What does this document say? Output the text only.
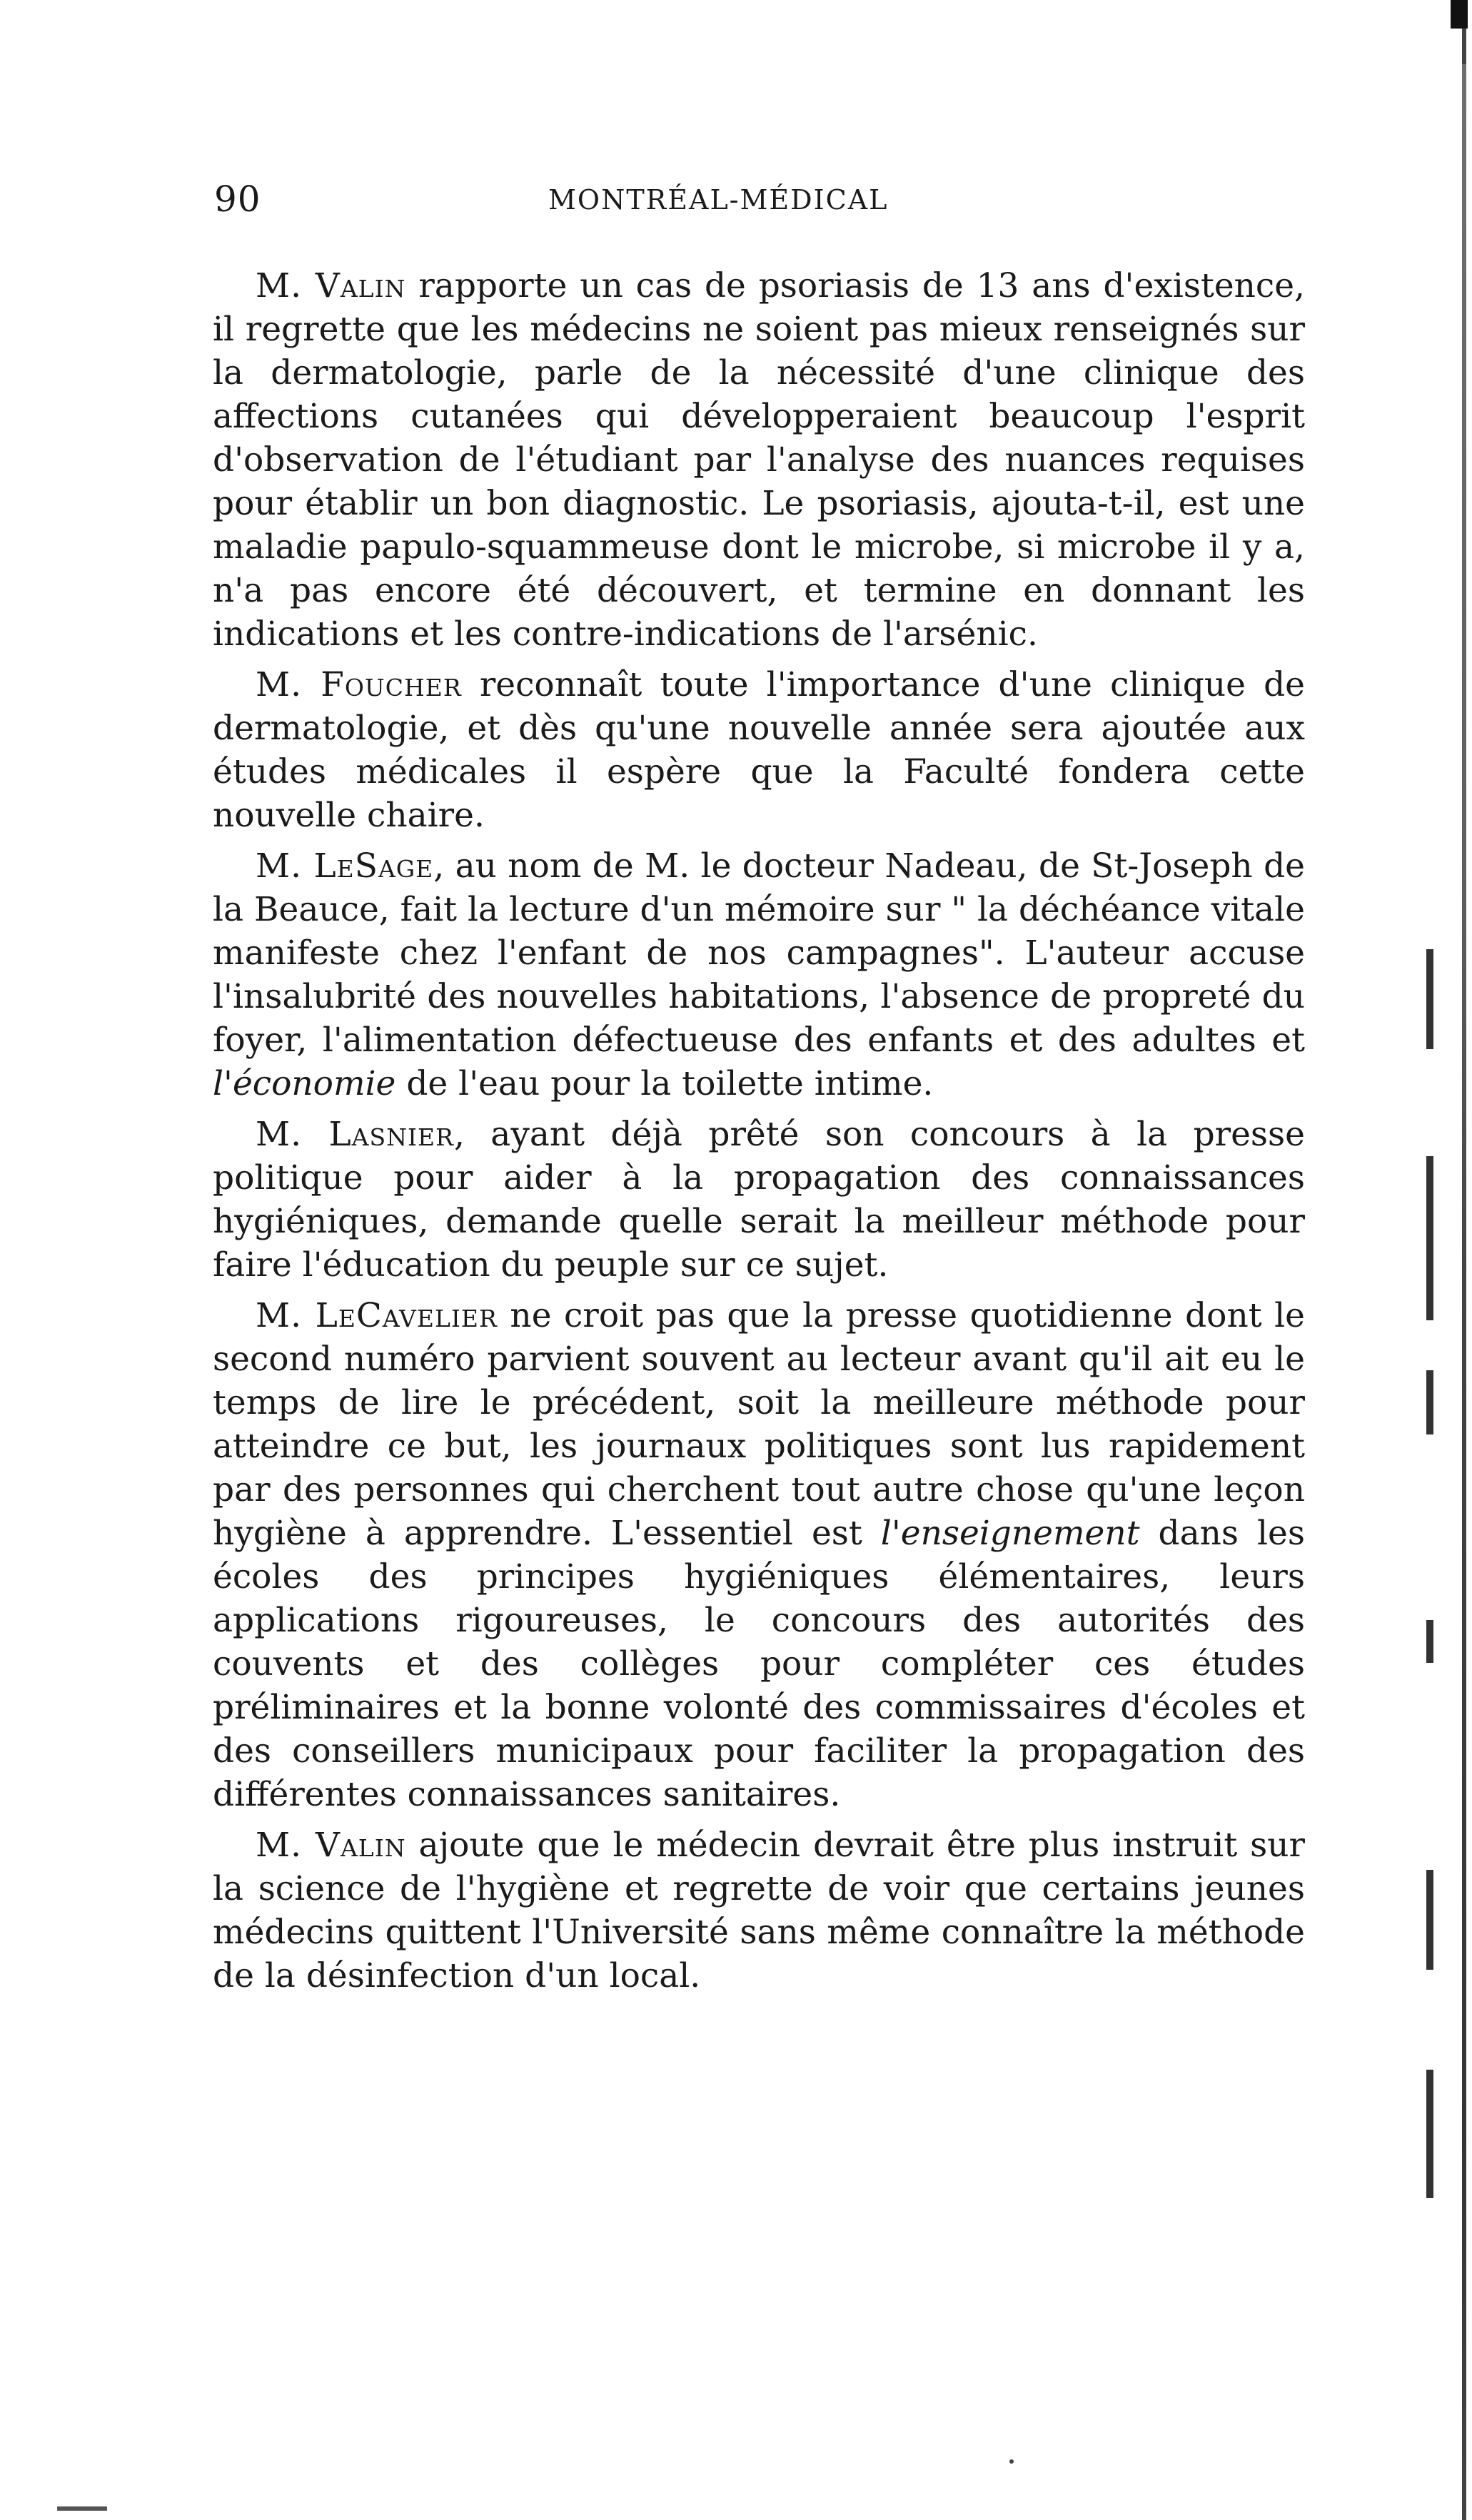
90	MONTRÉAL-MÉDICAL

M. Valin rapporte un cas de psoriasis de 13 ans d'existence, il regrette que les médecins ne soient pas mieux renseignés sur la dermatologie, parle de la nécessité d'une clinique des affections cutanées qui développeraient beaucoup l'esprit d'observation de l'étudiant par l'analyse des nuances requises pour établir un bon diagnostic. Le psoriasis, ajouta-t-il, est une maladie papulo-squammeuse dont le microbe, si microbe il y a, n'a pas encore été découvert, et termine en donnant les indications et les contre-indications de l'arsénic.

M. Foucher reconnaît toute l'importance d'une clinique de dermatologie, et dès qu'une nouvelle année sera ajoutée aux études médicales il espère que la Faculté fondera cette nouvelle chaire.

M. LeSage, au nom de M. le docteur Nadeau, de St-Joseph de la Beauce, fait la lecture d'un mémoire sur " la déchéance vitale manifeste chez l'enfant de nos campagnes". L'auteur accuse l'insalubrité des nouvelles habitations, l'absence de propreté du foyer, l'alimentation défectueuse des enfants et des adultes et l'économie de l'eau pour la toilette intime.

M. Lasnier, ayant déjà prêté son concours à la presse politique pour aider à la propagation des connaissances hygiéniques, demande quelle serait la meilleur méthode pour faire l'éducation du peuple sur ce sujet.

M. LeCavelier ne croit pas que la presse quotidienne dont le second numéro parvient souvent au lecteur avant qu'il ait eu le temps de lire le précédent, soit la meilleure méthode pour atteindre ce but, les journaux politiques sont lus rapidement par des personnes qui cherchent tout autre chose qu'une leçon hygiène à apprendre. L'essentiel est l'enseignement dans les écoles des principes hygiéniques élémentaires, leurs applications rigoureuses, le concours des autorités des couvents et des collèges pour compléter ces études préliminaires et la bonne volonté des commissaires d'écoles et des conseillers municipaux pour faciliter la propagation des différentes connaissances sanitaires.

M. Valin ajoute que le médecin devrait être plus instruit sur la science de l'hygiène et regrette de voir que certains jeunes médecins quittent l'Université sans même connaître la méthode de la désinfection d'un local.
